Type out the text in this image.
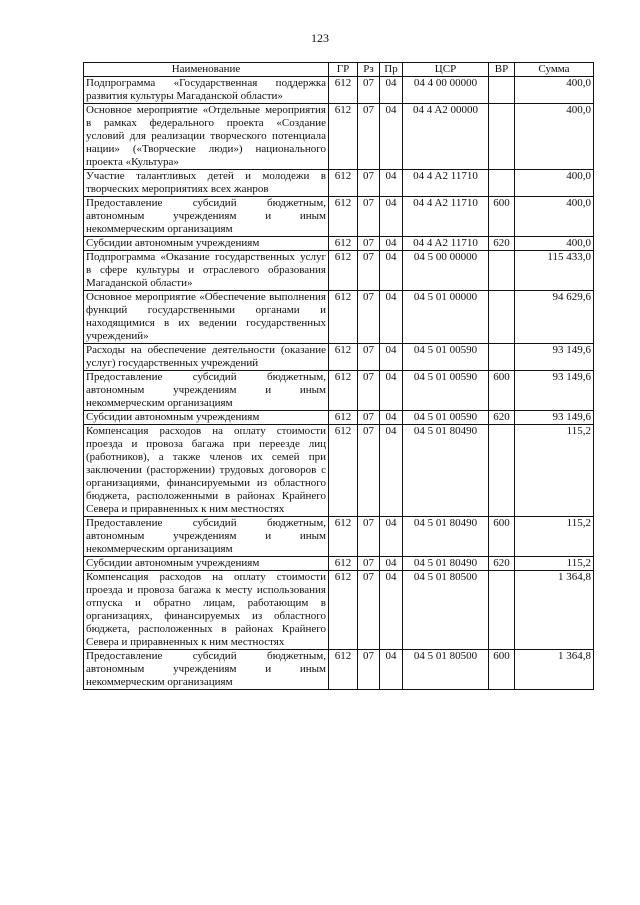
123
Наименование	ГР	Рз	Пр	ЦСР	ВР	Сумма
Подпрограмма «Государственная поддержка развития культуры Магаданской области»	612	07	04	04 4 00 00000		400,0
Основное мероприятие «Отдельные мероприятия в рамках федерального проекта «Создание условий для реализации творческого потенциала нации» («Творческие люди») национального проекта «Культура»	612	07	04	04 4 A2 00000		400,0
Участие талантливых детей и молодежи в творческих мероприятиях всех жанров	612	07	04	04 4 A2 11710		400,0
Предоставление субсидий бюджетным, автономным учреждениям и иным некоммерческим организациям	612	07	04	04 4 A2 11710	600	400,0
Субсидии автономным учреждениям	612	07	04	04 4 A2 11710	620	400,0
Подпрограмма «Оказание государственных услуг в сфере культуры и отраслевого образования Магаданской области»	612	07	04	04 5 00 00000		115 433,0
Основное мероприятие «Обеспечение выполнения функций государственными органами и находящимися в их ведении государственных учреждений»	612	07	04	04 5 01 00000		94 629,6
Расходы на обеспечение деятельности (оказание услуг) государственных учреждений	612	07	04	04 5 01 00590		93 149,6
Предоставление субсидий бюджетным, автономным учреждениям и иным некоммерческим организациям	612	07	04	04 5 01 00590	600	93 149,6
Субсидии автономным учреждениям	612	07	04	04 5 01 00590	620	93 149,6
Компенсация расходов на оплату стоимости проезда и провоза багажа при переезде лиц (работников), а также членов их семей при заключении (расторжении) трудовых договоров с организациями, финансируемыми из областного бюджета, расположенными в районах Крайнего Севера и приравненных к ним местностях	612	07	04	04 5 01 80490		115,2
Предоставление субсидий бюджетным, автономным учреждениям и иным некоммерческим организациям	612	07	04	04 5 01 80490	600	115,2
Субсидии автономным учреждениям	612	07	04	04 5 01 80490	620	115,2
Компенсация расходов на оплату стоимости проезда и провоза багажа к месту использования отпуска и обратно лицам, работающим в организациях, финансируемых из областного бюджета, расположенных в районах Крайнего Севера и приравненных к ним местностях	612	07	04	04 5 01 80500		1 364,8
Предоставление субсидий бюджетным, автономным учреждениям и иным некоммерческим организациям	612	07	04	04 5 01 80500	600	1 364,8
